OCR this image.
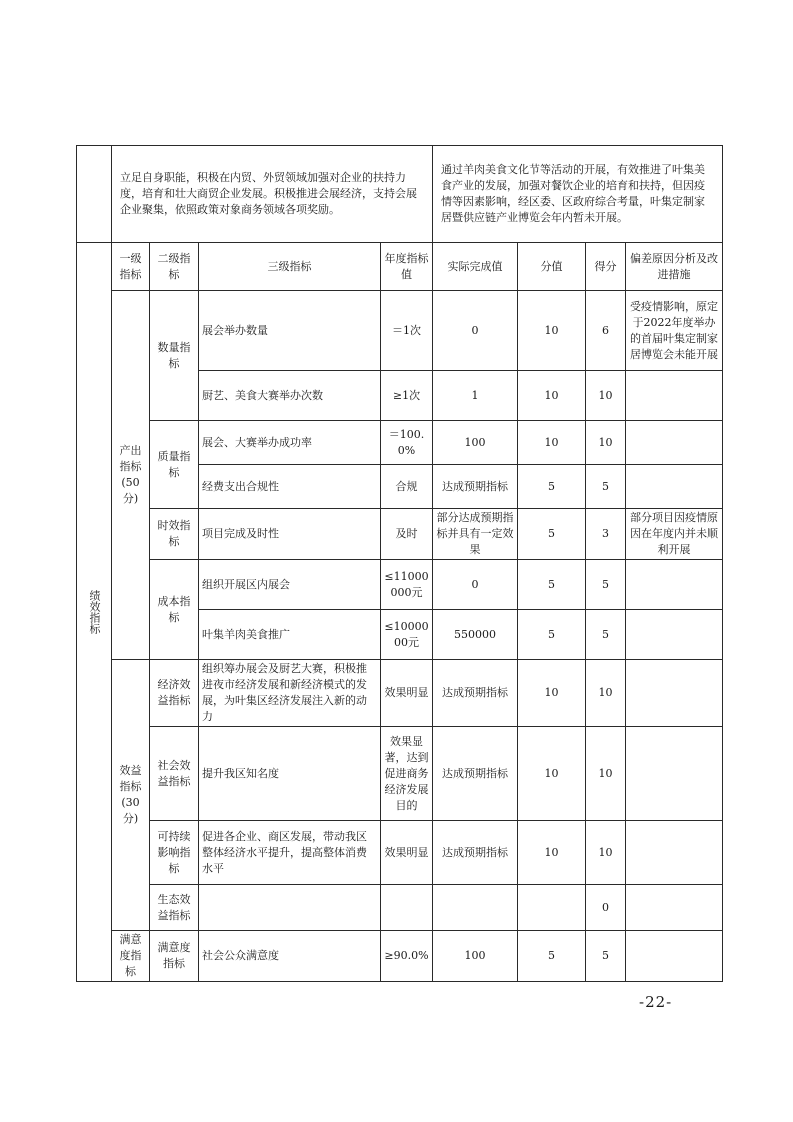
	立足自身职能，积极在内贸、外贸领域加强对企业的扶持力度，培育和壮大商贸企业发展。积极推进会展经济，支持会展企业聚集，依照政策对象商务领域各项奖励。				通过羊肉美食文化节等活动的开展，有效推进了叶集美食产业的发展，加强对餐饮企业的培育和扶持，但因疫情等因素影响，经区委、区政府综合考量，叶集定制家居暨供应链产业博览会年内暂未开展。			

绩效指标	一级指标	二级指标	三级指标	年度指标值	实际完成值	分值	得分	偏差原因分析及改进措施
	产出指标(50分)	数量指标	展会举办数量	＝1次	0	10	6	受疫情影响，原定于2022年度举办的首届叶集定制家居博览会未能开展
			厨艺、美食大赛举办次数	≥1次	1	10	10	
		质量指标	展会、大赛举办成功率	＝100.0%	100	10	10	
			经费支出合规性	合规	达成预期指标	5	5	
		时效指标	项目完成及时性	及时	部分达成预期指标并具有一定效果	5	3	部分项目因疫情原因在年度内并未顺利开展
		成本指标	组织开展区内展会	≤11000000元	0	5	5	
			叶集羊肉美食推广	≤1000000元	550000	5	5	
	效益指标(30分)	经济效益指标	组织筹办展会及厨艺大赛，积极推进夜市经济发展和新经济模式的发展，为叶集区经济发展注入新的动力	效果明显	达成预期指标	10	10	
		社会效益指标	提升我区知名度	效果显著，达到促进商务经济发展目的	达成预期指标	10	10	
		可持续影响指标	促进各企业、商区发展，带动我区整体经济水平提升，提高整体消费水平	效果明显	达成预期指标	10	10	
		生态效益指标					0	
	满意度指标	满意度指标	社会公众满意度	≥90.0%	100	5	5	
-22-
